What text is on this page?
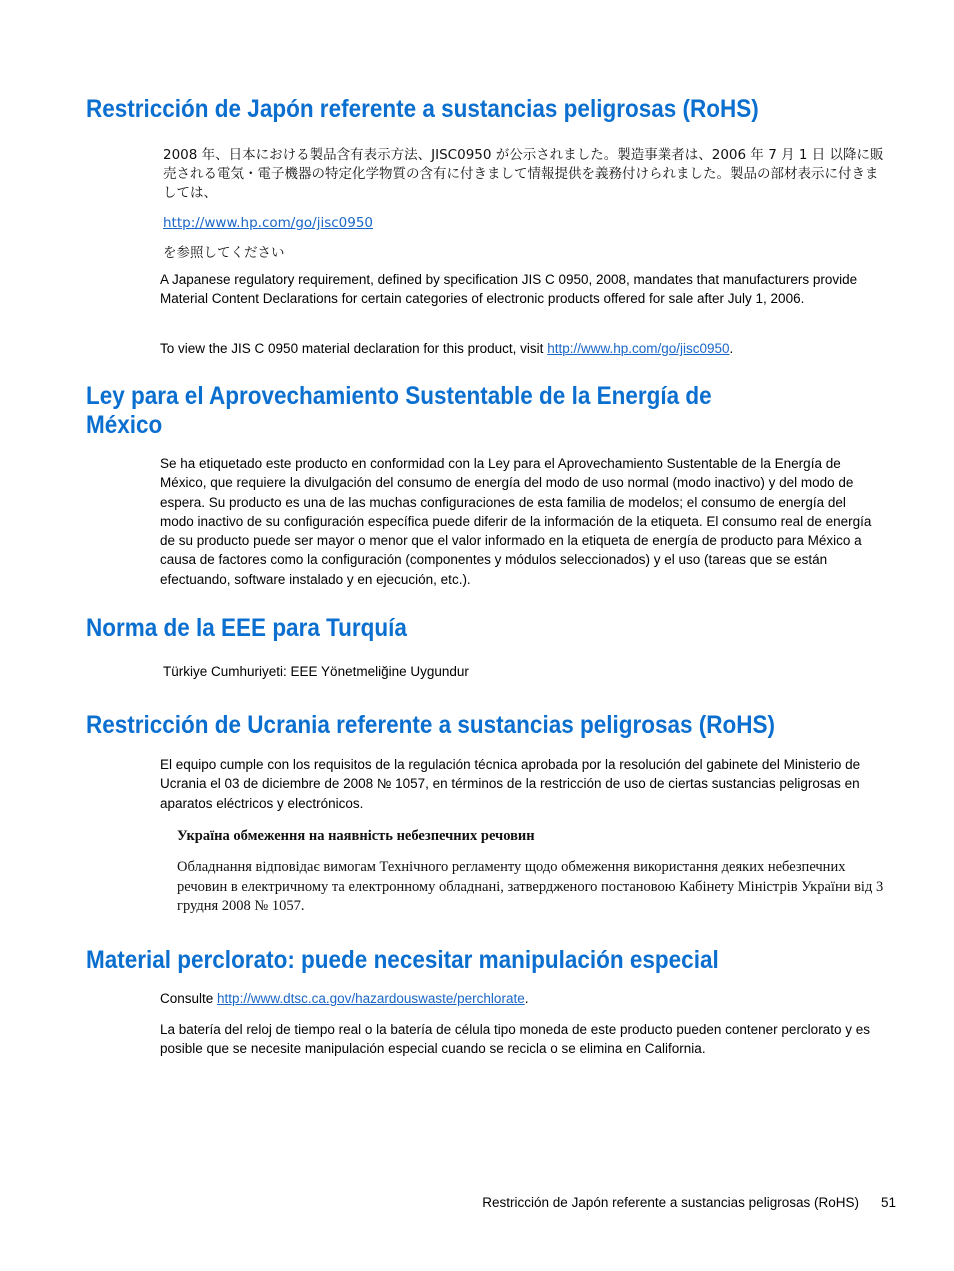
Restricción de Japón referente a sustancias peligrosas (RoHS)

2008 年、日本における製品含有表示方法、JISC0950 が公示されました。製造事業者は、2006 年 7 月 1 日 以降に販売される電気・電子機器の特定化学物質の含有に付きまして情報提供を義務付けられました。製品の部材表示に付きましては、

http://www.hp.com/go/jisc0950

を参照してください

A Japanese regulatory requirement, defined by specification JIS C 0950, 2008, mandates that manufacturers provide Material Content Declarations for certain categories of electronic products offered for sale after July 1, 2006.

To view the JIS C 0950 material declaration for this product, visit http://www.hp.com/go/jisc0950.

Ley para el Aprovechamiento Sustentable de la Energía de
México

Se ha etiquetado este producto en conformidad con la Ley para el Aprovechamiento Sustentable de la Energía de México, que requiere la divulgación del consumo de energía del modo de uso normal (modo inactivo) y del modo de espera. Su producto es una de las muchas configuraciones de esta familia de modelos; el consumo de energía del modo inactivo de su configuración específica puede diferir de la información de la etiqueta. El consumo real de energía de su producto puede ser mayor o menor que el valor informado en la etiqueta de energía de producto para México a causa de factores como la configuración (componentes y módulos seleccionados) y el uso (tareas que se están efectuando, software instalado y en ejecución, etc.).

Norma de la EEE para Turquía

Türkiye Cumhuriyeti: EEE Yönetmeliğine Uygundur

Restricción de Ucrania referente a sustancias peligrosas (RoHS)

El equipo cumple con los requisitos de la regulación técnica aprobada por la resolución del gabinete del Ministerio de Ucrania el 03 de diciembre de 2008 № 1057, en términos de la restricción de uso de ciertas sustancias peligrosas en aparatos eléctricos y electrónicos.

Україна обмеження на наявність небезпечних речовин

Обладнання відповідає вимогам Технічного регламенту щодо обмеження використання деяких небезпечних речовин в електричному та електронному обладнані, затвердженого постановою Кабінету Міністрів України від 3 грудня 2008 № 1057.

Material perclorato: puede necesitar manipulación especial

Consulte http://www.dtsc.ca.gov/hazardouswaste/perchlorate.

La batería del reloj de tiempo real o la batería de célula tipo moneda de este producto pueden contener perclorato y es posible que se necesite manipulación especial cuando se recicla o se elimina en California.

Restricción de Japón referente a sustancias peligrosas (RoHS) 51
